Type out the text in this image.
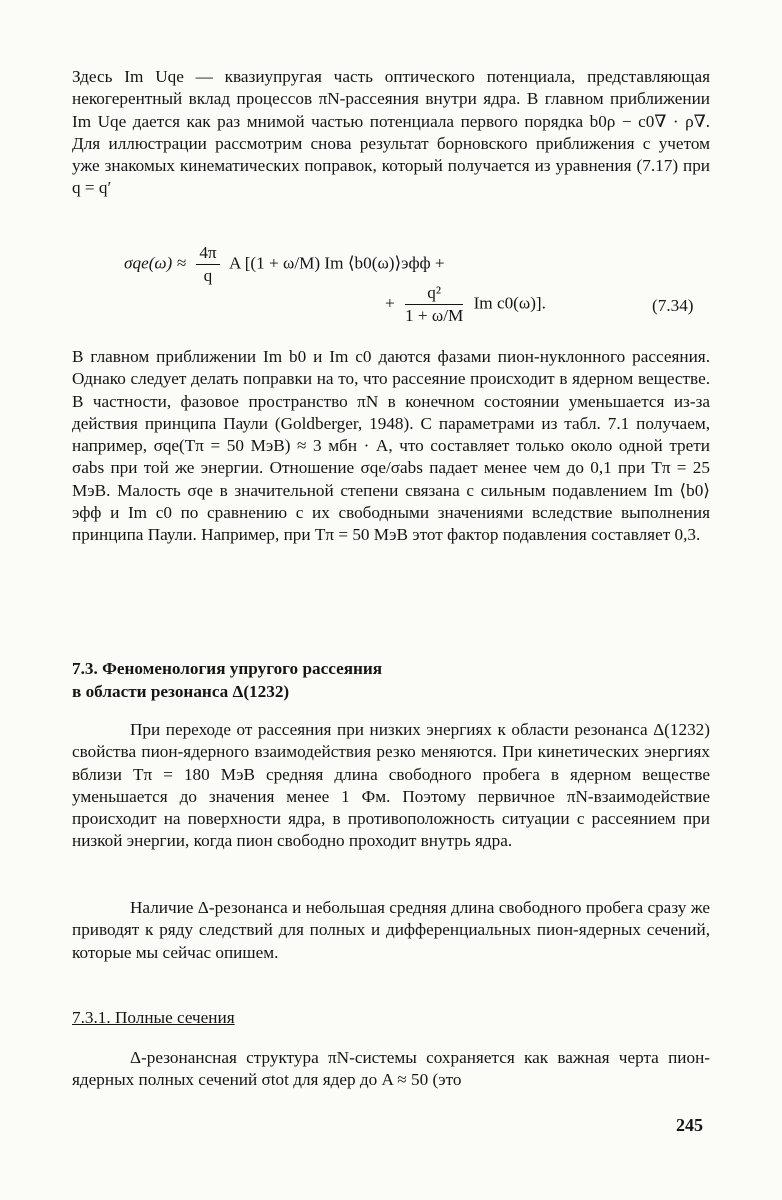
Здесь Im Uqe — квазиупругая часть оптического потенциала, представляющая некогерентный вклад процессов πN-рассеяния внутри ядра. В главном приближении Im Uqe дается как раз мнимой частью потенциала первого порядка b0ρ − c0∇ · ρ∇. Для иллюстрации рассмотрим снова результат борновского приближения с учетом уже знакомых кинематических поправок, который получается из уравнения (7.17) при q = q′

$\sigma qe(\omega) \approx \frac{4\pi}{q}$ A [(1 + ω/M) Im ⟨b0(ω)⟩эфф +
+ $\frac{\text{q²}}{1 + \omega/M}$ Im c0(ω)].	(7.34)

В главном приближении Im b0 и Im c0 даются фазами пион-нуклонного рассеяния. Однако следует делать поправки на то, что рассеяние происходит в ядерном веществе. В частности, фазовое пространство πN в конечном состоянии уменьшается из-за действия принципа Паули (Goldberger, 1948). С параметрами из табл. 7.1 получаем, например, σqe(Tπ = 50 МэВ) ≈ 3 мбн · A, что составляет только около одной трети σabs при той же энергии. Отношение σqe/σabs падает менее чем до 0,1 при Tπ = 25 МэВ. Малость σqe в значительной степени связана с сильным подавлением Im ⟨b0⟩эфф и Im c0 по сравнению с их свободными значениями вследствие выполнения принципа Паули. Например, при Tπ = 50 МэВ этот фактор подавления составляет 0,3.

7.3. Феноменология упругого рассеяния
в области резонанса Δ(1232)

При переходе от рассеяния при низких энергиях к области резонанса Δ(1232) свойства пион-ядерного взаимодействия резко меняются. При кинетических энергиях вблизи Tπ = 180 МэВ средняя длина свободного пробега в ядерном веществе уменьшается до значения менее 1 Фм. Поэтому первичное πN-взаимодействие происходит на поверхности ядра, в противоположность ситуации с рассеянием при низкой энергии, когда пион свободно проходит внутрь ядра.

Наличие Δ-резонанса и небольшая средняя длина свободного пробега сразу же приводят к ряду следствий для полных и дифференциальных пион-ядерных сечений, которые мы сейчас опишем.

7.3.1. Полные сечения

Δ-резонансная структура πN-системы сохраняется как важная черта пион-ядерных полных сечений σtot для ядер до A ≈ 50 (это

245
